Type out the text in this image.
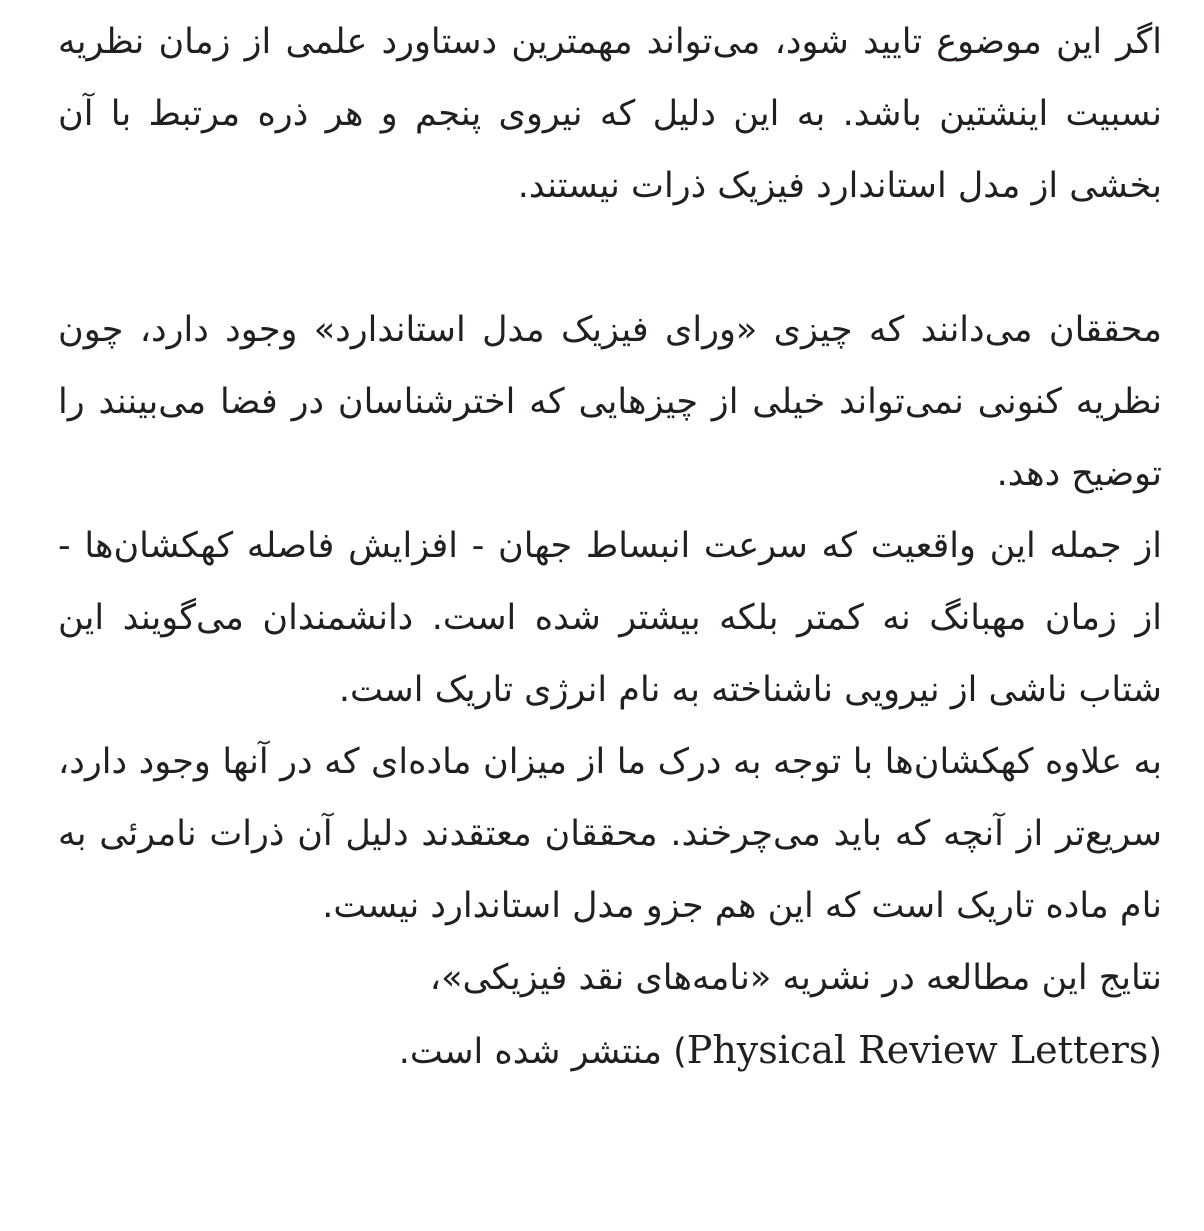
اگر این موضوع تایید شود، می‌تواند مهمترین دستاورد علمی از زمان نظریه نسبیت اینشتین باشد. به این دلیل که نیروی پنجم و هر ذره مرتبط با آن بخشی از مدل استاندارد فیزیک ذرات نیستند.

محققان می‌دانند که چیزی «ورای فیزیک مدل استاندارد» وجود دارد، چون نظریه کنونی نمی‌تواند خیلی از چیزهایی که اخترشناسان در فضا می‌بینند را توضیح دهد.

از جمله این واقعیت که سرعت انبساط جهان - افزایش فاصله کهکشان‌ها - از زمان مهبانگ نه کمتر بلکه بیشتر شده است. دانشمندان می‌گویند این شتاب ناشی از نیرویی ناشناخته به نام انرژی تاریک است.

به علاوه کهکشان‌ها با توجه به درک ما از میزان ماده‌ای که در آنها وجود دارد، سریع‌تر از آنچه که باید می‌چرخند. محققان معتقدند دلیل آن ذرات نامرئی به نام ماده تاریک است که این هم جزو مدل استاندارد نیست.

نتایج این مطالعه در نشریه «نامه‌های نقد فیزیکی»،

(Physical Review Letters) منتشر شده است.
